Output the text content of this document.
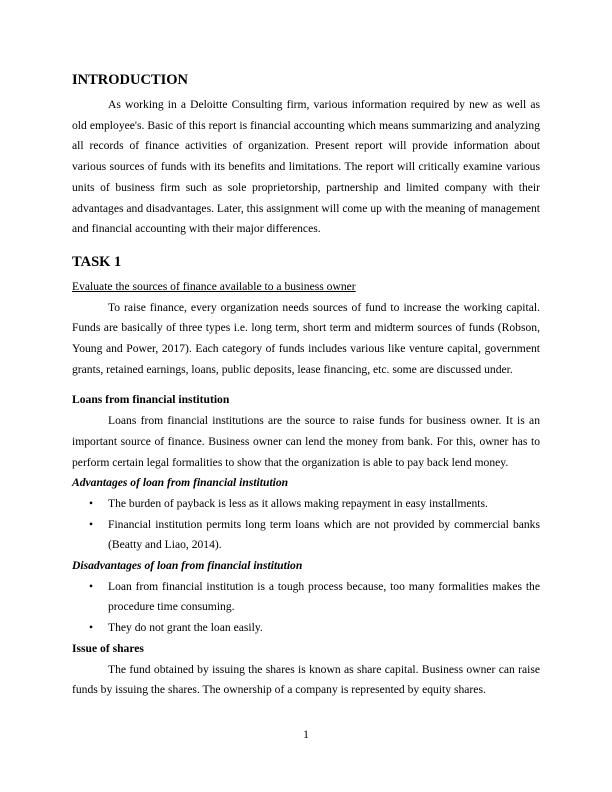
INTRODUCTION

As working in a Deloitte Consulting firm, various information required by new as well as old employee's. Basic of this report is financial accounting which means summarizing and analyzing all records of finance activities of organization. Present report will provide information about various sources of funds with its benefits and limitations. The report will critically examine various units of business firm such as sole proprietorship, partnership and limited company with their advantages and disadvantages. Later, this assignment will come up with the meaning of management and financial accounting with their major differences.

TASK 1
Evaluate the sources of finance available to a business owner

To raise finance, every organization needs sources of fund to increase the working capital. Funds are basically of three types i.e. long term, short term and midterm sources of funds (Robson, Young and Power, 2017). Each category of funds includes various like venture capital, government grants, retained earnings, loans, public deposits, lease financing, etc. some are discussed under.

Loans from financial institution

Loans from financial institutions are the source to raise funds for business owner. It is an important source of finance. Business owner can lend the money from bank. For this, owner has to perform certain legal formalities to show that the organization is able to pay back lend money.

Advantages of loan from financial institution
• The burden of payback is less as it allows making repayment in easy installments.
• Financial institution permits long term loans which are not provided by commercial banks (Beatty and Liao, 2014).
Disadvantages of loan from financial institution
• Loan from financial institution is a tough process because, too many formalities makes the procedure time consuming.
• They do not grant the loan easily.
Issue of shares

The fund obtained by issuing the shares is known as share capital. Business owner can raise funds by issuing the shares. The ownership of a company is represented by equity shares.

1
